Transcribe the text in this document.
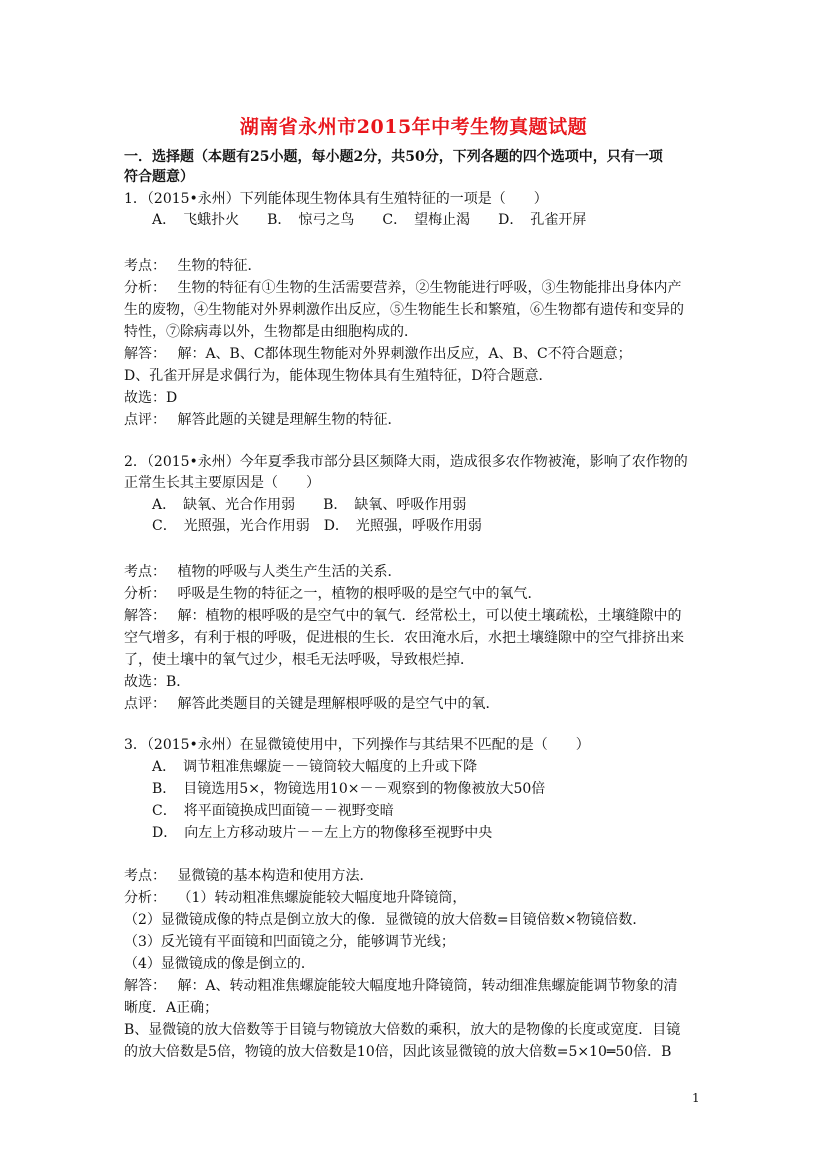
湖南省永州市2015年中考生物真题试题
一．选择题（本题有25小题，每小题2分，共50分，下列各题的四个选项中，只有一项
符合题意）
1．（2015•永州）下列能体现生物体具有生殖特征的一项是（　　）
　　A．　飞蛾扑火　　B．　惊弓之鸟　　C．　望梅止渴　　D．　孔雀开屏
考点：　 生物的特征．
分析：　 生物的特征有①生物的生活需要营养，②生物能进行呼吸，③生物能排出身体内产
生的废物，④生物能对外界刺激作出反应，⑤生物能生长和繁殖，⑥生物都有遗传和变异的
特性，⑦除病毒以外，生物都是由细胞构成的．
解答：　 解：A、B、C都体现生物能对外界刺激作出反应，A、B、C不符合题意；
D、孔雀开屏是求偶行为，能体现生物体具有生殖特征，D符合题意．
故选：D
点评：　 解答此题的关键是理解生物的特征．
2．（2015•永州）今年夏季我市部分县区频降大雨，造成很多农作物被淹，影响了农作物的
正常生长其主要原因是（　　）
　　A．　缺氧、光合作用弱　　B．　缺氧、呼吸作用弱
　　C．　光照强，光合作用弱　D．　光照强，呼吸作用弱
考点：　 植物的呼吸与人类生产生活的关系．
分析：　 呼吸是生物的特征之一，植物的根呼吸的是空气中的氧气．
解答：　 解：植物的根呼吸的是空气中的氧气．经常松土，可以使土壤疏松，土壤缝隙中的
空气增多，有利于根的呼吸，促进根的生长．农田淹水后，水把土壤缝隙中的空气排挤出来
了，使土壤中的氧气过少，根毛无法呼吸，导致根烂掉．
故选：B．
点评：　 解答此类题目的关键是理解根呼吸的是空气中的氧．
3．（2015•永州）在显微镜使用中，下列操作与其结果不匹配的是（　　）
　　A．　调节粗准焦螺旋－－镜筒较大幅度的上升或下降
　　B．　目镜选用5×，物镜选用10×－－观察到的物像被放大50倍
　　C．　将平面镜换成凹面镜－－视野变暗
　　D．　向左上方移动玻片－－左上方的物像移至视野中央
考点：　 显微镜的基本构造和使用方法．
分析：　 （1）转动粗准焦螺旋能较大幅度地升降镜筒，
（2）显微镜成像的特点是倒立放大的像．显微镜的放大倍数=目镜倍数×物镜倍数．
（3）反光镜有平面镜和凹面镜之分，能够调节光线；
（4）显微镜成的像是倒立的．
解答：　 解：A、转动粗准焦螺旋能较大幅度地升降镜筒，转动细准焦螺旋能调节物象的清
晰度．A正确；
B、显微镜的放大倍数等于目镜与物镜放大倍数的乘积，放大的是物像的长度或宽度．目镜
的放大倍数是5倍，物镜的放大倍数是10倍，因此该显微镜的放大倍数=5×10═50倍．B
1
